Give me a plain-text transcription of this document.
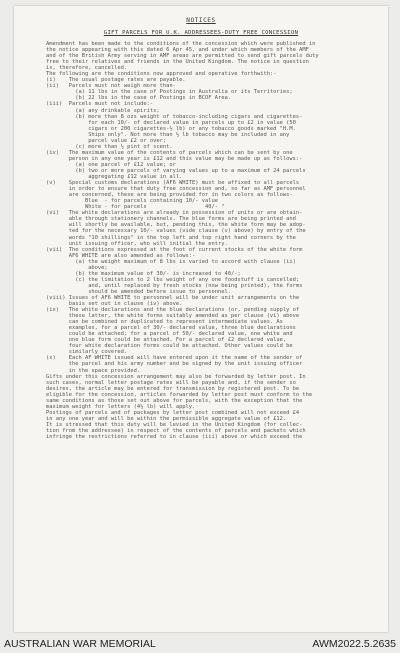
NOTICES
GIFT PARCELS FOR U.K. ADDRESSEES-DUTY FREE CONCESSION
Amendment has been made to the conditions of the concession which were published in
the notice appearing with this dated 6 Apr 45, and under which members of the AMF
and of the British Army serving in AMF areas are permitted to send gift parcels duty
free to their relatives and friends in the United Kingdom. The notice in question
is, therefore, cancelled.
The following are the conditions now approved and operative forthwith:-
(i)    The usual postage rates are payable.
(ii)   Parcels must not weigh more than-
(a) 11 lbs in the case of Postings in Australia or its Territories;
(b) 22 lbs in the case of Postings in BCOF Area.
(iii)  Parcels must not include:-
(a) any drinkable spirits;
(b) more than 8 ozs weight of tobacco-including cigars and cigarettes-
for each 10/- of declared value in parcels up to £2 in value (50
cigars or 200 cigarettes-½ lb) or any tobacco goods marked "H.M.
Ships only". Not more than ½ lb tobacco may be included in any
parcel value £2 or over;
(c) more than ½ pint of scent.
(iv)   The maximum value of the contents of parcels which can be sent by one
person in any one year is £12 and this value may be made up as follows:-
(a) one parcel of £12 value; or
(b) two or more parcels of varying values up to a maximum of 24 parcels
aggregating £12 value in all.
(v)    Special customs declarations (AF6 WHITE) must be affixed to all parcels
in order to ensure that duty free concession and, so far as AMF personnel
are concerned, these are being provided for in two colors as follows-
Blue  - for parcels containing 10/- value
White - for parcels                  40/- "
(vi)   The white declarations are already in possession of units or are obtain-
able through stationery channels. The blue forms are being printed and
will shortly be available, but, pending this, the white form may be adop-
ted for the necessary 10/- values (vide clause (v) above) by entry of the
words "10 shillings" in the top left and top right hand corners by the
unit issuing officer, who will initial the entry.
(vii)  The conditions expressed at the foot of current stocks of the white form
AF6 WHITE are also amended as follows:-
(a) the weight maximum of 8 lbs is varied to accord with clause (ii)
above;
(b) the maximum value of 30/- is increased to 40/-;
(c) the limitation to 2 lbs weight of any one foodstuff is cancelled;
and, until replaced by fresh stocks (now being printed), the forms
should be amended before issue to personnel.
(viii) Issues of AF6 WHITE to personnel will be under unit arrangements on the
basis set out in clause (iv) above.
(ix)   The white declarations and the blue declarations (or, pending supply of
these latter, the white forms suitably amended as per clause (vi) above
can be combined or duplicated to represent intermediate values. As
examples, for a parcel of 30/- declared value, three blue declarations
could be attached; for a parcel of 50/- declared value, one white and
one blue form could be attached. For a parcel of £2 declared value,
four white declaration forms could be attached. Other values could be
similarly covered.
(x)    Each AF WHITE issued will have entered upon it the name of the sender of
the parcel and his army number and be signed by the unit issuing officer
in the space provided.
Gifts under this concession arrangement may also be forwarded by letter post. In
such cases, normal letter postage rates will be payable and, if the sender so
desires, the article may be entered for transmission by registered post. To be
eligible for the concession, articles forwarded by letter post must conform to the
same conditions as those set out above for parcels, with the exception that the
maximum weight for letters (4½ lb) will apply.
Postings of parcels and of packages by letter post combined will not exceed £4
in any one year and will be within the permissible aggregate value of £12.
It is stressed that this duty will be levied in the United Kingdom (for collec-
tion from the addressee) in respect of the contents of parcels and packets which
infringe the restrictions referred to in clause (iii) above or which exceed the
AUSTRALIAN WAR MEMORIAL	AWM2022.5.2635
